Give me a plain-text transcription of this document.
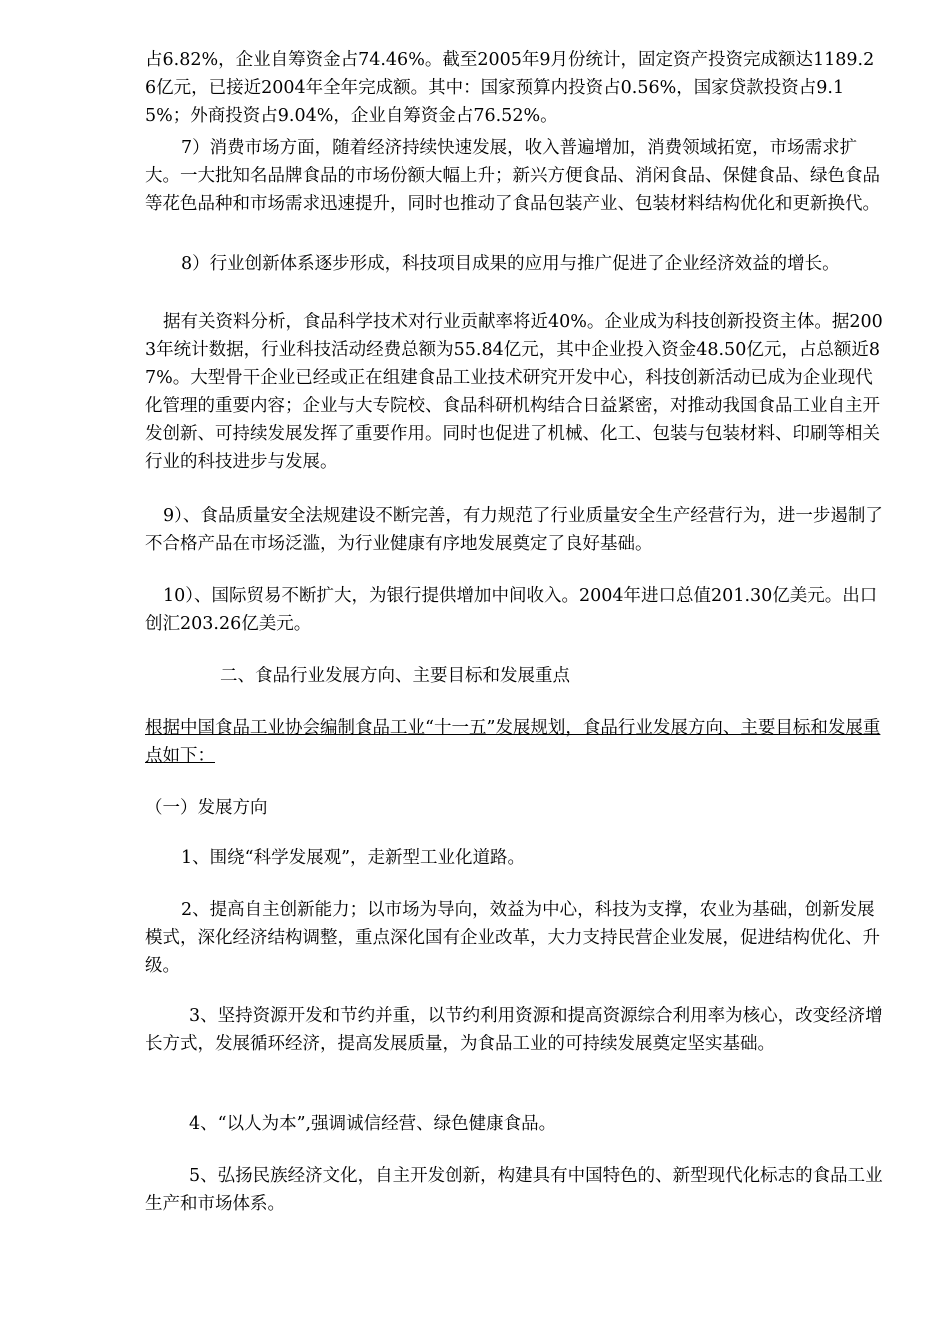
占6.82%，企业自筹资金占74.46%。截至2005年9月份统计，固定资产投资完成额达1189.26亿元，已接近2004年全年完成额。其中：国家预算内投资占0.56%，国家贷款投资占9.15%；外商投资占9.04%，企业自筹资金占76.52%。

7）消费市场方面，随着经济持续快速发展，收入普遍增加，消费领域拓宽，市场需求扩大。一大批知名品牌食品的市场份额大幅上升；新兴方便食品、消闲食品、保健食品、绿色食品等花色品种和市场需求迅速提升，同时也推动了食品包装产业、包装材料结构优化和更新换代。

8）行业创新体系逐步形成，科技项目成果的应用与推广促进了企业经济效益的增长。

据有关资料分析，食品科学技术对行业贡献率将近40%。企业成为科技创新投资主体。据2003年统计数据，行业科技活动经费总额为55.84亿元，其中企业投入资金48.50亿元，占总额近87%。大型骨干企业已经或正在组建食品工业技术研究开发中心，科技创新活动已成为企业现代化管理的重要内容；企业与大专院校、食品科研机构结合日益紧密，对推动我国食品工业自主开发创新、可持续发展发挥了重要作用。同时也促进了机械、化工、包装与包装材料、印刷等相关行业的科技进步与发展。

9）、食品质量安全法规建设不断完善，有力规范了行业质量安全生产经营行为，进一步遏制了不合格产品在市场泛滥，为行业健康有序地发展奠定了良好基础。

10）、国际贸易不断扩大，为银行提供增加中间收入。2004年进口总值201.30亿美元。出口创汇203.26亿美元。

二、食品行业发展方向、主要目标和发展重点

根据中国食品工业协会编制食品工业“十一五”发展规划，食品行业发展方向、主要目标和发展重点如下：

（一）发展方向

1、围绕“科学发展观”，走新型工业化道路。

2、提高自主创新能力；以市场为导向，效益为中心，科技为支撑，农业为基础，创新发展模式，深化经济结构调整，重点深化国有企业改革，大力支持民营企业发展，促进结构优化、升级。

3、坚持资源开发和节约并重，以节约利用资源和提高资源综合利用率为核心，改变经济增长方式，发展循环经济，提高发展质量，为食品工业的可持续发展奠定坚实基础。

4、“以人为本”,强调诚信经营、绿色健康食品。

5、弘扬民族经济文化，自主开发创新，构建具有中国特色的、新型现代化标志的食品工业生产和市场体系。
